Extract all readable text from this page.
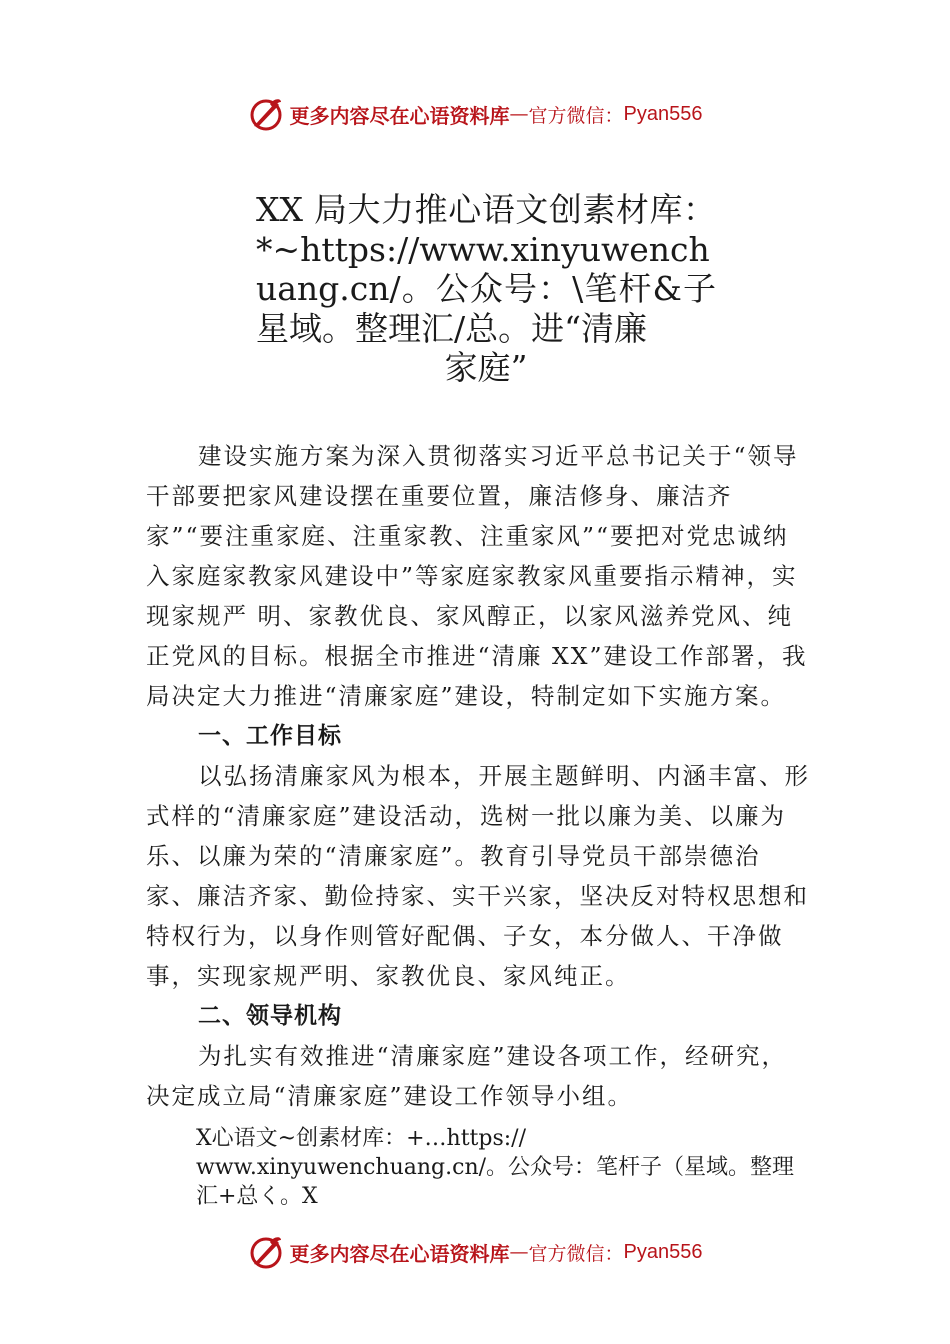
更多内容尽在心语资料库 — 官方微信： Pyan556
XX 局大力推心语文创素材库：*~https://www.xinyuwenchuang.cn/。公众号：\笔杆&子星域。整理汇/总。进“清廉
家庭”

建设实施方案为深入贯彻落实习近平总书记关于“领导干部要把家风建设摆在重要位置，廉洁修身、廉洁齐家”“要注重家庭、注重家教、注重家风”“要把对党忠诚纳入家庭家教家风建设中”等家庭家教家风重要指示精神，实现家规严 明、家教优良、家风醇正，以家风滋养党风、纯正党风的目标。根据全市推进“清廉 XX”建设工作部署，我局决定大力推进“清廉家庭”建设，特制定如下实施方案。

一、工作目标

以弘扬清廉家风为根本，开展主题鲜明、内涵丰富、形式样的“清廉家庭”建设活动，选树一批以廉为美、以廉为乐、以廉为荣的“清廉家庭”。教育引导党员干部崇德治家、廉洁齐家、勤俭持家、实干兴家，坚决反对特权思想和特权行为，以身作则管好配偶、子女，本分做人、干净做事，实现家规严明、家教优良、家风纯正。

二、领导机构

为扎实有效推进“清廉家庭”建设各项工作，经研究，

决定成立局“清廉家庭”建设工作领导小组。

X心语文~创素材库：+…https://
www.xinyuwenchuang.cn/。公众号：笔杆子（星域。整理
汇+总く。X
更多内容尽在心语资料库 — 官方微信： Pyan556
